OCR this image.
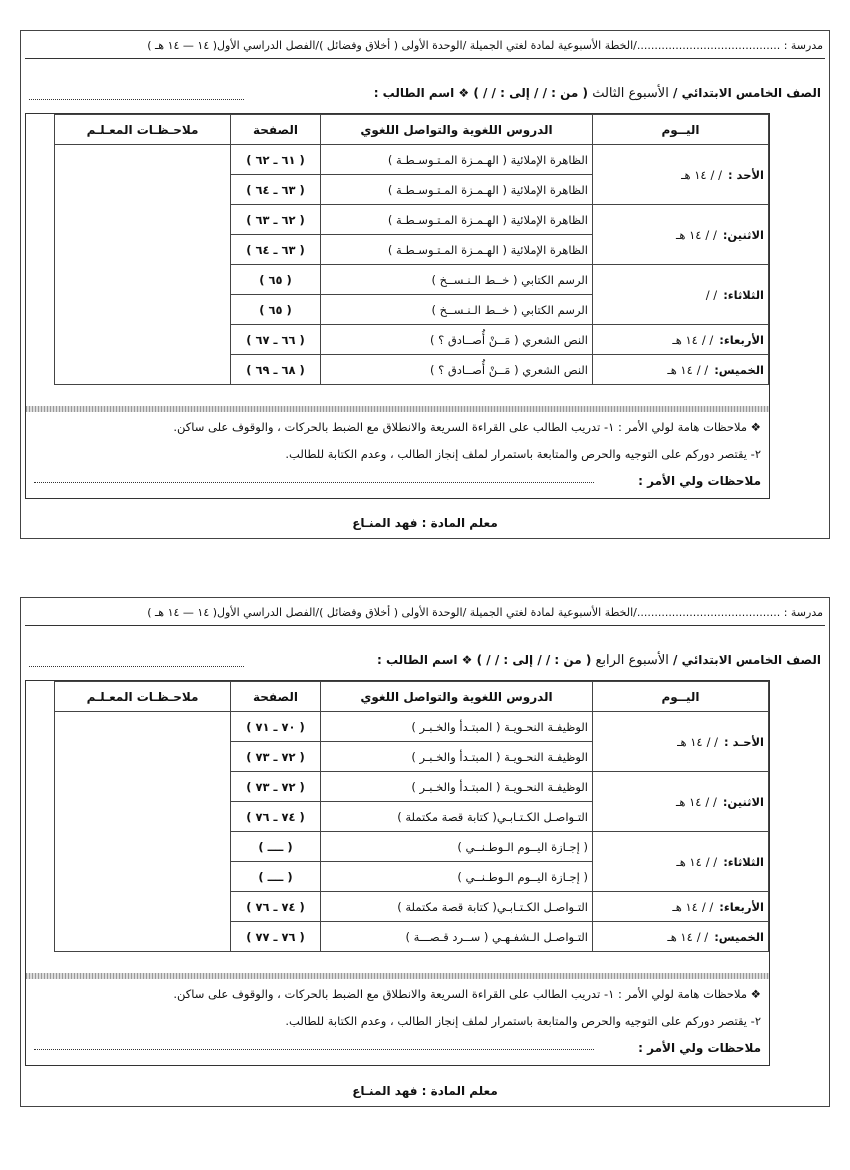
مدرسة : ........................................./الخطة الأسبوعية لمادة لغتي الجميلة /الوحدة الأولى ( أخلاق وفضائل )/الفصل الدراسي الأول( ١٤ — ١٤ هـ )
الصف الخامس الابتدائي / الأسبوع الثالث ( من : / / إلى : / / ) ❖ اسم الطالب :
اليــوم	الدروس اللغوية والتواصل اللغوي	الصفحة	ملاحـظـات المعـلـم
الأحد :/ /١٤ هـ	الظاهرة الإملائية ( الهـمـزة المـتـوسـطـة )	( ٦١ ـ ٦٢ )	
	الظاهرة الإملائية ( الهـمـزة المـتـوسـطـة )	( ٦٣ ـ ٦٤ )	
الاثنين:/ /١٤ هـ	الظاهرة الإملائية ( الهـمـزة المـتـوسـطـة )	( ٦٢ ـ ٦٣ )	
	الظاهرة الإملائية ( الهـمـزة المـتـوسـطـة )	( ٦٣ ـ ٦٤ )	
الثلاثاء:/ /	الرسم الكتابي ( خــط الـنـســخ )	( ٦٥ )	
	الرسم الكتابي ( خــط الـنـســخ )	( ٦٥ )	
الأربعاء:/ /١٤ هـ	النص الشعري ( مَــنْ أُصــادق ؟ )	( ٦٦ ـ ٦٧ )	
الخميس:/ /١٤ هـ	النص الشعري ( مَــنْ أُصــادق ؟ )	( ٦٨ ـ ٦٩ )	
❖ ملاحظات هامة لولي الأمر : ١- تدريب الطالب على القراءة السريعة والانطلاق مع الضبط بالحركات ، والوقوف على ساكن.
٢- يقتصر دوركم على التوجيه والحرص والمتابعة باستمرار لملف إنجاز الطالب ، وعدم الكتابة للطالب.
ملاحظات ولي الأمر :
معلم المادة : فهد المنـاع
مدرسة : ........................................./الخطة الأسبوعية لمادة لغتي الجميلة /الوحدة الأولى ( أخلاق وفضائل )/الفصل الدراسي الأول( ١٤ — ١٤ هـ )
الصف الخامس الابتدائي / الأسبوع الرابع ( من : / / إلى : / / ) ❖ اسم الطالب :
اليــوم	الدروس اللغوية والتواصل اللغوي	الصفحة	ملاحـظـات المعـلـم
الأحـد :/ /١٤ هـ	الوظيفـة النحـويـة ( المبتـدأ والخـبـر )	( ٧٠ ـ ٧١ )	
	الوظيفـة النحـويـة ( المبتـدأ والخـبـر )	( ٧٢ ـ ٧٣ )	
الاثنين:/ /١٤ هـ	الوظيفـة النحـويـة ( المبتـدأ والخـبـر )	( ٧٢ ـ ٧٣ )	
	التـواصـل الكـتـابـي( كتابة قصة مكتملة )	( ٧٤ ـ ٧٦ )	
الثلاثاء:/ /١٤ هـ	( إجـازة اليــوم الـوطـنــي )	( ــــ )	
	( إجـازة اليــوم الـوطـنــي )	( ــــ )	
الأربعاء:/ /١٤ هـ	التـواصـل الكـتـابـي( كتابة قصة مكتملة )	( ٧٤ ـ ٧٦ )	
الخميس:/ /١٤ هـ	التـواصـل الـشفـهـي ( ســرد قـصـــة )	( ٧٦ ـ ٧٧ )	
❖ ملاحظات هامة لولي الأمر : ١- تدريب الطالب على القراءة السريعة والانطلاق مع الضبط بالحركات ، والوقوف على ساكن.
٢- يقتصر دوركم على التوجيه والحرص والمتابعة باستمرار لملف إنجاز الطالب ، وعدم الكتابة للطالب.
ملاحظات ولي الأمر :
معلم المادة : فهد المنـاع
